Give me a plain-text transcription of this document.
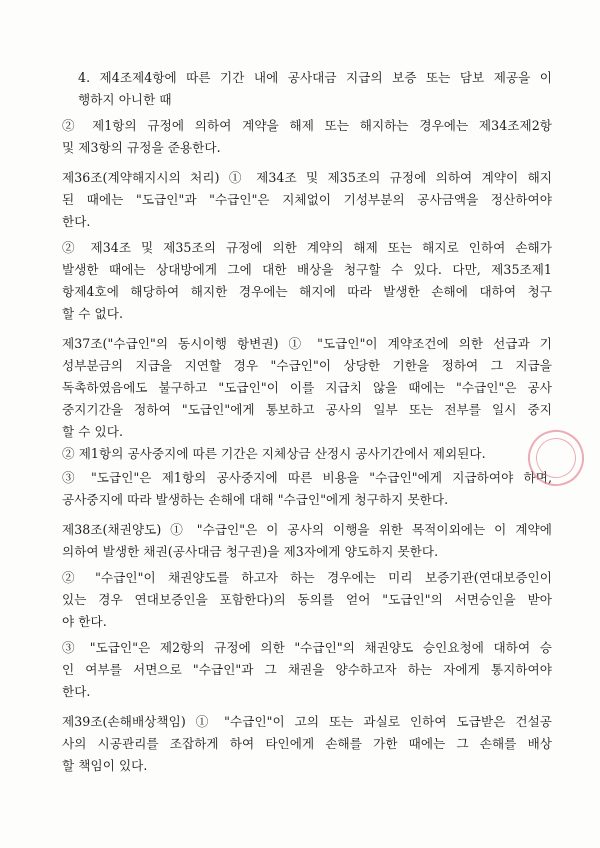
4. 제4조제4항에 따른 기간 내에 공사대금 지급의 보증 또는 담보 제공을 이
행하지 아니한 때
② 제1항의 규정에 의하여 계약을 해제 또는 해지하는 경우에는 제34조제2항
및 제3항의 규정을 준용한다.
제36조(계약해지시의 처리) ① 제34조 및 제35조의 규정에 의하여 계약이 해지
된 때에는 "도급인"과 "수급인"은 지체없이 기성부분의 공사금액을 정산하여야
한다.
② 제34조 및 제35조의 규정에 의한 계약의 해제 또는 해지로 인하여 손해가
발생한 때에는 상대방에게 그에 대한 배상을 청구할 수 있다. 다만, 제35조제1
항제4호에 해당하여 해지한 경우에는 해지에 따라 발생한 손해에 대하여 청구
할 수 없다.
제37조("수급인"의 동시이행 항변권) ① "도급인"이 계약조건에 의한 선급과 기
성부분금의 지급을 지연할 경우 "수급인"이 상당한 기한을 정하여 그 지급을
독촉하였음에도 불구하고 "도급인"이 이를 지급치 않을 때에는 "수급인"은 공사
중지기간을 정하여 "도급인"에게 통보하고 공사의 일부 또는 전부를 일시 중지
할 수 있다.
② 제1항의 공사중지에 따른 기간은 지체상금 산정시 공사기간에서 제외된다.
③ "도급인"은 제1항의 공사중지에 따른 비용을 "수급인"에게 지급하여야 하며,
공사중지에 따라 발생하는 손해에 대해 "수급인"에게 청구하지 못한다.
제38조(채권양도) ① "수급인"은 이 공사의 이행을 위한 목적이외에는 이 계약에
의하여 발생한 채권(공사대금 청구권)을 제3자에게 양도하지 못한다.
② "수급인"이 채권양도를 하고자 하는 경우에는 미리 보증기관(연대보증인이
있는 경우 연대보증인을 포함한다)의 동의를 얻어 "도급인"의 서면승인을 받아
야 한다.
③ "도급인"은 제2항의 규정에 의한 "수급인"의 채권양도 승인요청에 대하여 승
인 여부를 서면으로 "수급인"과 그 채권을 양수하고자 하는 자에게 통지하여야
한다.
제39조(손해배상책임) ① "수급인"이 고의 또는 과실로 인하여 도급받은 건설공
사의 시공관리를 조잡하게 하여 타인에게 손해를 가한 때에는 그 손해를 배상
할 책임이 있다.
